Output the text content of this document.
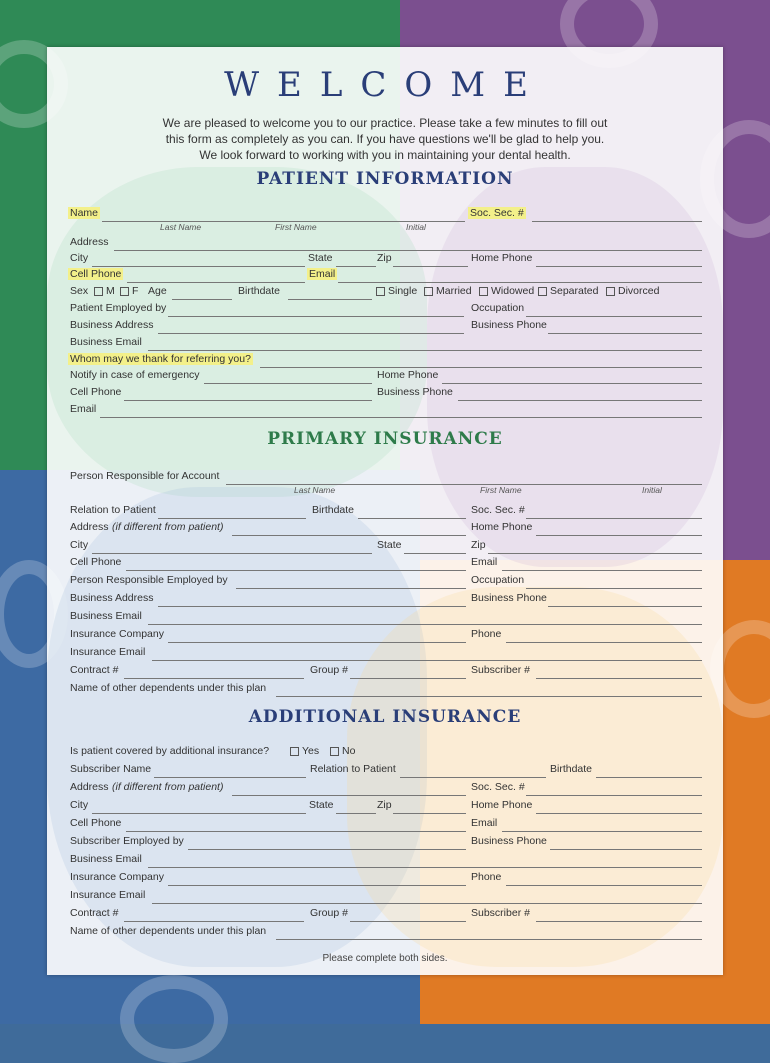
WELCOME
We are pleased to welcome you to our practice. Please take a few minutes to fill out
this form as completely as you can. If you have questions we'll be glad to help you.
We look forward to working with you in maintaining your dental health.
PATIENT INFORMATION
Name	Soc. Sec. #
Last Name	First Name	Initial
Address
City	State	Zip	Home Phone
Cell Phone	Email
Sex	M	F Age	Birthdate	Single	Married	Widowed	Separated	Divorced
Patient Employed by	Occupation
Business Address	Business Phone
Business Email
Whom may we thank for referring you?
Notify in case of emergency	Home Phone
Cell Phone	Business Phone
Email
PRIMARY INSURANCE
Person Responsible for Account
Last Name	First Name	Initial
Relation to Patient	Birthdate	Soc. Sec. #
Address (if different from patient)	Home Phone
City	State	Zip
Cell Phone	Email
Person Responsible Employed by	Occupation
Business Address	Business Phone
Business Email
Insurance Company	Phone
Insurance Email
Contract #	Group #	Subscriber #
Name of other dependents under this plan
ADDITIONAL INSURANCE
Is patient covered by additional insurance?	Yes	No
Subscriber Name	Relation to Patient	Birthdate
Address (if different from patient)	Soc. Sec. #
City	State	Zip	Home Phone
Cell Phone	Email
Subscriber Employed by	Business Phone
Business Email
Insurance Company	Phone
Insurance Email
Contract #	Group #	Subscriber #
Name of other dependents under this plan
Please complete both sides.
